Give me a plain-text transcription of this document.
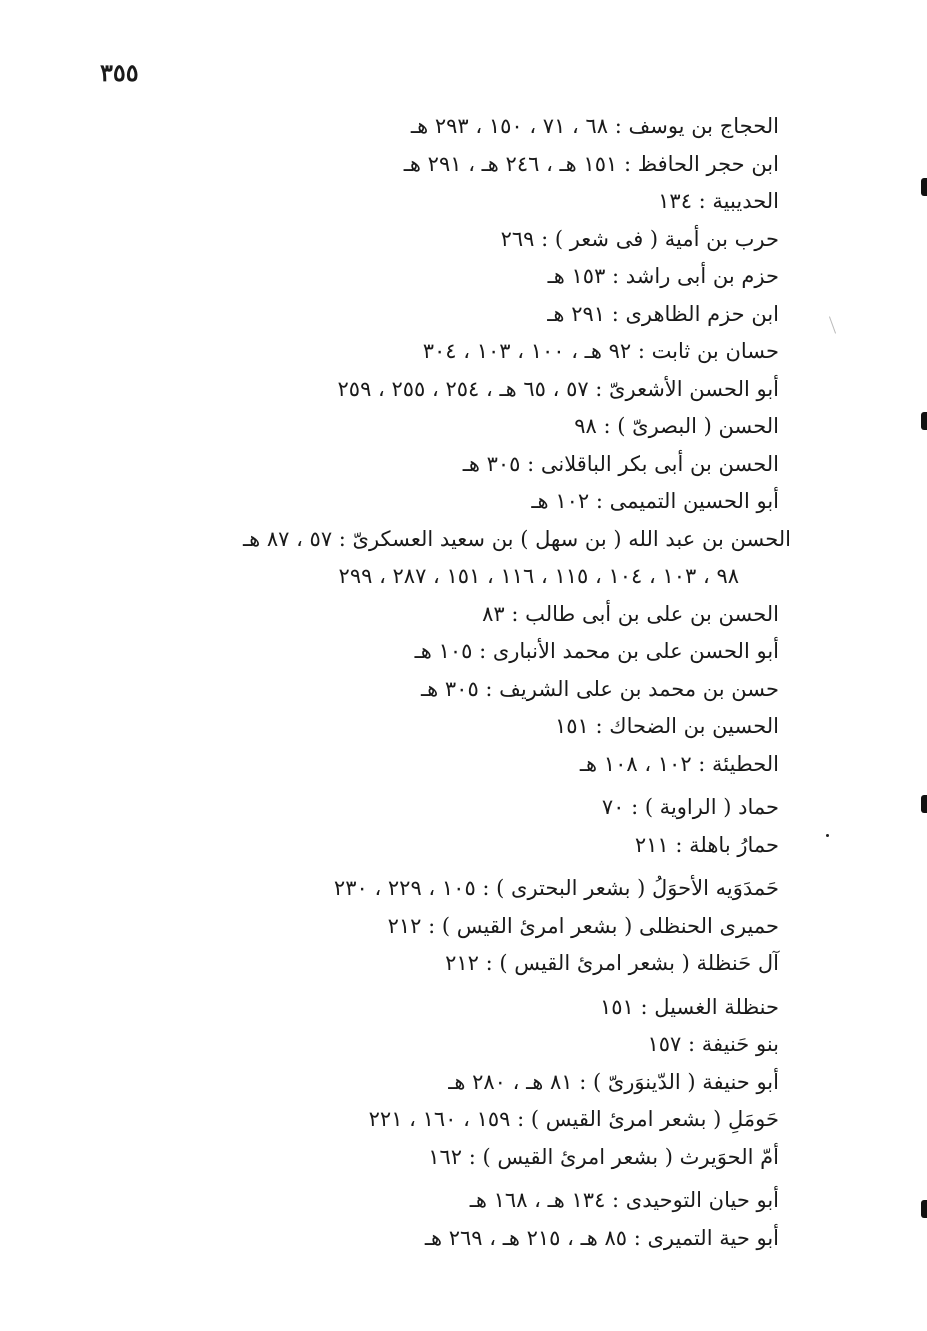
٣٥٥
الحجاج بن يوسف : ٦٨ ، ٧١ ، ١٥٠ ، ٢٩٣ هـ
ابن حجر الحافظ : ١٥١ هـ ، ٢٤٦ هـ ، ٢٩١ هـ
الحديبية : ١٣٤
حرب بن أمية ( فى شعر ) : ٢٦٩
حزم بن أبى راشد : ١٥٣ هـ
ابن حزم الظاهرى : ٢٩١ هـ
حسان بن ثابت : ٩٢ هـ ، ١٠٠ ، ١٠٣ ، ٣٠٤
أبو الحسن الأشعرىّ : ٥٧ ، ٦٥ هـ ، ٢٥٤ ، ٢٥٥ ، ٢٥٩
الحسن ( البصرىّ ) : ٩٨
الحسن بن أبى بكر الباقلانى : ٣٠٥ هـ
أبو الحسين التميمى : ١٠٢ هـ
الحسن بن عبد الله ( بن سهل ) بن سعيد العسكرىّ : ٥٧ ، ٨٧ هـ
٩٨ ، ١٠٣ ، ١٠٤ ، ١١٥ ، ١١٦ ، ١٥١ ، ٢٨٧ ، ٢٩٩
الحسن بن على بن أبى طالب : ٨٣
أبو الحسن على بن محمد الأنبارى : ١٠٥ هـ
حسن بن محمد بن على الشريف : ٣٠٥ هـ
الحسين بن الضحاك : ١٥١
الحطيئة : ١٠٢ ، ١٠٨ هـ
حماد ( الراوية ) : ٧٠
حمارُ باهلة : ٢١١
حَمدَوَيه الأحوَلُ ( بشعر البحترى ) : ١٠٥ ، ٢٢٩ ، ٢٣٠
حميرى الحنظلى ( بشعر امرئ القيس ) : ٢١٢
آل حَنظلة ( بشعر امرئ القيس ) : ٢١٢
حنظلة الغسيل : ١٥١
بنو حَنيفة : ١٥٧
أبو حنيفة ( الدّينوَرىّ ) : ٨١ هـ ، ٢٨٠ هـ
حَومَلِ ( بشعر امرئ القيس ) : ١٥٩ ، ١٦٠ ، ٢٢١
أمّ الحوَيرث ( بشعر امرئ القيس ) : ١٦٢
أبو حيان التوحيدى : ١٣٤ هـ ، ١٦٨ هـ
أبو حية التميرى : ٨٥ هـ ، ٢١٥ هـ ، ٢٦٩ هـ
